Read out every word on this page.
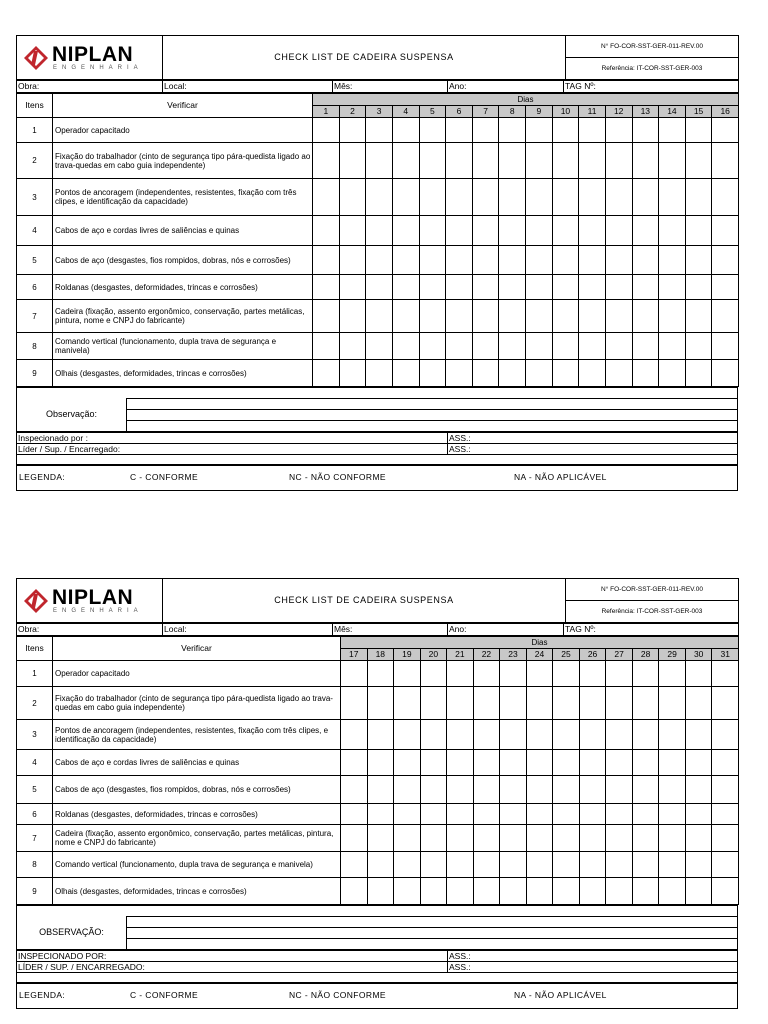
NIPLAN
ENGENHARIA
	CHECK LIST DE CADEIRA SUSPENSA	N° FO-COR-SST-GER-011-REV.00
Referência: IT-COR-SST-GER-003
Obra:	Local:	Mês:	Ano:	TAG Nº:
Itens	Verificar	Dias															
		1	2	3	4	5	6	7	8	9	10	11	12	13	14	15	16
1	Operador capacitado																
2	Fixação do trabalhador (cinto de segurança tipo pára-quedista ligado ao trava-quedas em cabo guia independente)																
3	Pontos de ancoragem (independentes, resistentes, fixação com três clipes, e identificação da capacidade)																
4	Cabos de aço e cordas livres de saliências e quinas																
5	Cabos de aço (desgastes, fios rompidos, dobras, nós e corrosões)																
6	Roldanas (desgastes, deformidades, trincas e corrosões)																
7	Cadeira (fixação, assento ergonômico, conservação, partes metálicas, pintura, nome e CNPJ do fabricante)																
8	Comando vertical (funcionamento, dupla trava de segurança e manivela)																
9	Olhais (desgastes, deformidades, trincas e corrosões)																

Observação:	

Inspecionado por :	ASS.:
Líder / Sup. / Encarregado:	ASS.:

LEGENDA:	C - CONFORME	NC - NÃO CONFORME	NA - NÃO APLICÁVEL
NIPLAN
ENGENHARIA
	CHECK LIST DE CADEIRA SUSPENSA	N° FO-COR-SST-GER-011-REV.00
Referência: IT-COR-SST-GER-003
Obra:	Local:	Mês:	Ano:	TAG Nº:
Itens	Verificar	Dias														
		17	18	19	20	21	22	23	24	25	26	27	28	29	30	31
1	Operador capacitado															
2	Fixação do trabalhador (cinto de segurança tipo pára-quedista ligado ao trava-quedas em cabo guia independente)															
3	Pontos de ancoragem (independentes, resistentes, fixação com três clipes, e identificação da capacidade)															
4	Cabos de aço e cordas livres de saliências e quinas															
5	Cabos de aço (desgastes, fios rompidos, dobras, nós e corrosões)															
6	Roldanas (desgastes, deformidades, trincas e corrosões)															
7	Cadeira (fixação, assento ergonômico, conservação, partes metálicas, pintura, nome e CNPJ do fabricante)															
8	Comando vertical (funcionamento, dupla trava de segurança e manivela)															
9	Olhais (desgastes, deformidades, trincas e corrosões)															

OBSERVAÇÃO:	

INSPECIONADO POR:	ASS.:
LÍDER / SUP. / ENCARREGADO:	ASS.:

LEGENDA:	C - CONFORME	NC - NÃO CONFORME	NA - NÃO APLICÁVEL
